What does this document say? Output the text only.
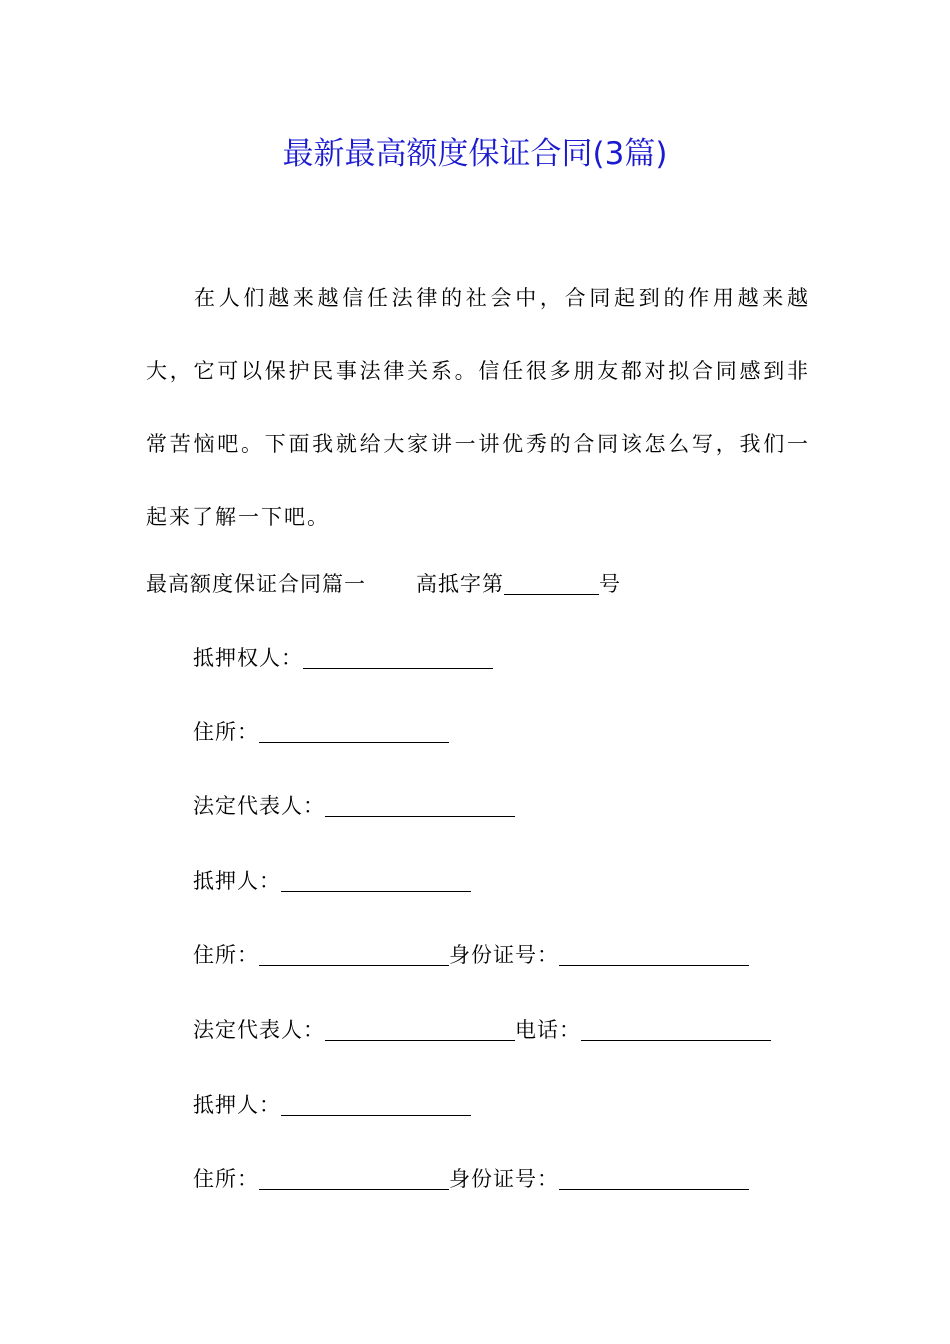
最新最高额度保证合同(3篇)

在人们越来越信任法律的社会中，合同起到的作用越来越大，它可以保护民事法律关系。信任很多朋友都对拟合同感到非常苦恼吧。下面我就给大家讲一讲优秀的合同该怎么写，我们一起来了解一下吧。

最高额度保证合同篇一 高抵字第	号
抵押权人：
住所：
法定代表人：
抵押人：
住所：	身份证号：
法定代表人：	电话：
抵押人：
住所：	身份证号：
